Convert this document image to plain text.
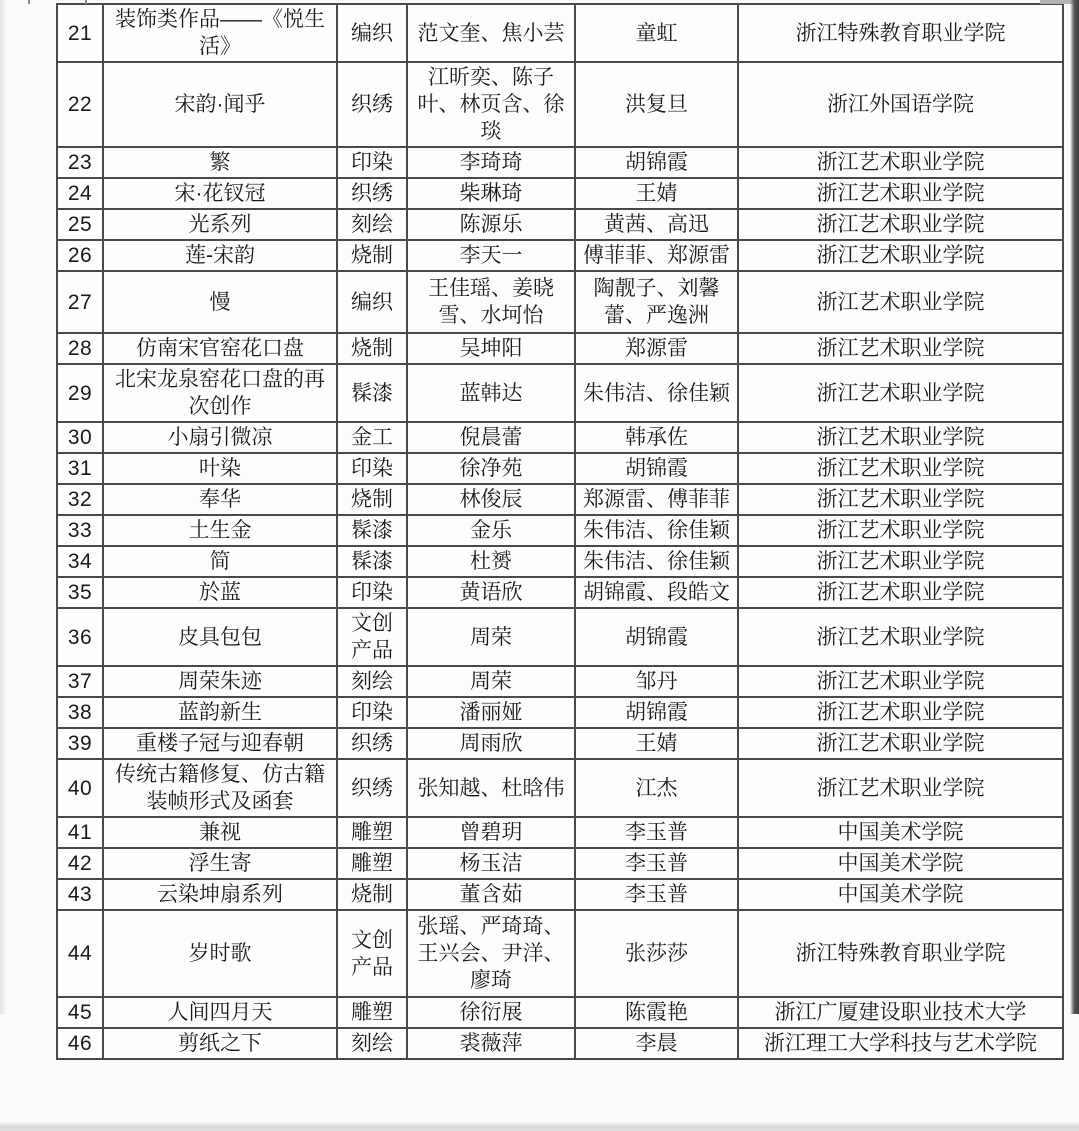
21	装饰类作品——《悦生活》	编织	范文奎、焦小芸	童虹	浙江特殊教育职业学院
22	宋韵·闻乎	织绣	江昕奕、陈子叶、林页含、徐琰	洪复旦	浙江外国语学院
23	繁	印染	李琦琦	胡锦霞	浙江艺术职业学院
24	宋·花钗冠	织绣	柴琳琦	王婧	浙江艺术职业学院
25	光系列	刻绘	陈源乐	黄茜、高迅	浙江艺术职业学院
26	莲-宋韵	烧制	李天一	傅菲菲、郑源雷	浙江艺术职业学院
27	慢	编织	王佳瑶、姜晓雪、水坷怡	陶靓子、刘馨蕾、严逸洲	浙江艺术职业学院
28	仿南宋官窑花口盘	烧制	吴坤阳	郑源雷	浙江艺术职业学院
29	北宋龙泉窑花口盘的再次创作	髹漆	蓝韩达	朱伟洁、徐佳颖	浙江艺术职业学院
30	小扇引微凉	金工	倪晨蕾	韩承佐	浙江艺术职业学院
31	叶染	印染	徐净苑	胡锦霞	浙江艺术职业学院
32	奉华	烧制	林俊辰	郑源雷、傅菲菲	浙江艺术职业学院
33	土生金	髹漆	金乐	朱伟洁、徐佳颖	浙江艺术职业学院
34	简	髹漆	杜赟	朱伟洁、徐佳颖	浙江艺术职业学院
35	於蓝	印染	黄语欣	胡锦霞、段皓文	浙江艺术职业学院
36	皮具包包	文创产品	周荣	胡锦霞	浙江艺术职业学院
37	周荣朱迹	刻绘	周荣	邹丹	浙江艺术职业学院
38	蓝韵新生	印染	潘丽娅	胡锦霞	浙江艺术职业学院
39	重楼子冠与迎春朝	织绣	周雨欣	王婧	浙江艺术职业学院
40	传统古籍修复、仿古籍装帧形式及函套	织绣	张知越、杜晗伟	江杰	浙江艺术职业学院
41	兼视	雕塑	曾碧玥	李玉普	中国美术学院
42	浮生寄	雕塑	杨玉洁	李玉普	中国美术学院
43	云染坤扇系列	烧制	董含茹	李玉普	中国美术学院
44	岁时歌	文创产品	张瑶、严琦琦、王兴会、尹洋、廖琦	张莎莎	浙江特殊教育职业学院
45	人间四月天	雕塑	徐衍展	陈霞艳	浙江广厦建设职业技术大学
46	剪纸之下	刻绘	裘薇萍	李晨	浙江理工大学科技与艺术学院
